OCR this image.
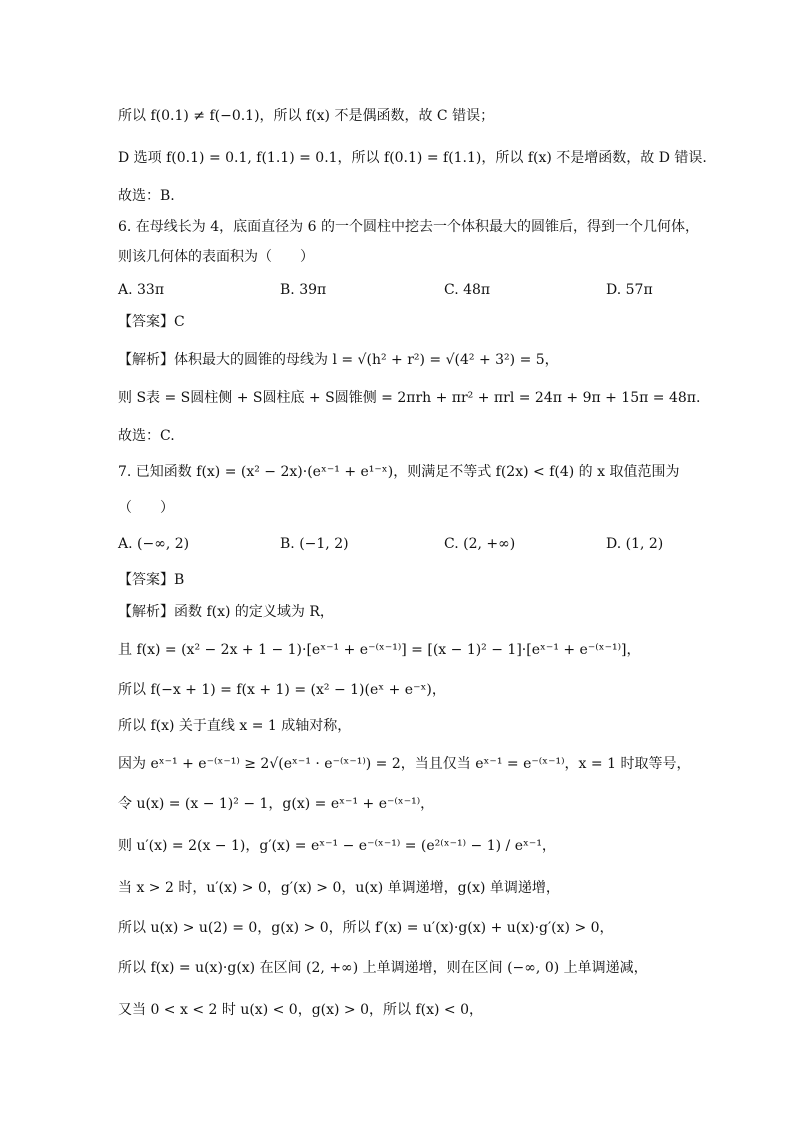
所以 f(0.1) ≠ f(−0.1)，所以 f(x) 不是偶函数，故 C 错误；
D 选项 f(0.1) = 0.1, f(1.1) = 0.1，所以 f(0.1) = f(1.1)，所以 f(x) 不是增函数，故 D 错误.
故选：B.
6. 在母线长为 4，底面直径为 6 的一个圆柱中挖去一个体积最大的圆锥后，得到一个几何体，
则该几何体的表面积为（　　）
A. 33π	B. 39π	C. 48π	D. 57π
【答案】C
【解析】体积最大的圆锥的母线为 l = √(h² + r²) = √(4² + 3²) = 5，
则 S表 = S圆柱侧 + S圆柱底 + S圆锥侧 = 2πrh + πr² + πrl = 24π + 9π + 15π = 48π.
故选：C.
7. 已知函数 f(x) = (x² − 2x)·(eˣ⁻¹ + e¹⁻ˣ)，则满足不等式 f(2x) < f(4) 的 x 取值范围为
（　　）
A. (−∞, 2)	B. (−1, 2)	C. (2, +∞)	D. (1, 2)
【答案】B
【解析】函数 f(x) 的定义域为 R，
且 f(x) = (x² − 2x + 1 − 1)·[eˣ⁻¹ + e⁻⁽ˣ⁻¹⁾] = [(x − 1)² − 1]·[eˣ⁻¹ + e⁻⁽ˣ⁻¹⁾]，
所以 f(−x + 1) = f(x + 1) = (x² − 1)(eˣ + e⁻ˣ)，
所以 f(x) 关于直线 x = 1 成轴对称，
因为 eˣ⁻¹ + e⁻⁽ˣ⁻¹⁾ ≥ 2√(eˣ⁻¹ · e⁻⁽ˣ⁻¹⁾) = 2，当且仅当 eˣ⁻¹ = e⁻⁽ˣ⁻¹⁾，x = 1 时取等号，
令 u(x) = (x − 1)² − 1，g(x) = eˣ⁻¹ + e⁻⁽ˣ⁻¹⁾，
则 u′(x) = 2(x − 1)，g′(x) = eˣ⁻¹ − e⁻⁽ˣ⁻¹⁾ = (e²⁽ˣ⁻¹⁾ − 1) / eˣ⁻¹，
当 x > 2 时，u′(x) > 0，g′(x) > 0，u(x) 单调递增，g(x) 单调递增，
所以 u(x) > u(2) = 0，g(x) > 0，所以 f′(x) = u′(x)·g(x) + u(x)·g′(x) > 0，
所以 f(x) = u(x)·g(x) 在区间 (2, +∞) 上单调递增，则在区间 (−∞, 0) 上单调递减，
又当 0 < x < 2 时 u(x) < 0，g(x) > 0，所以 f(x) < 0，
